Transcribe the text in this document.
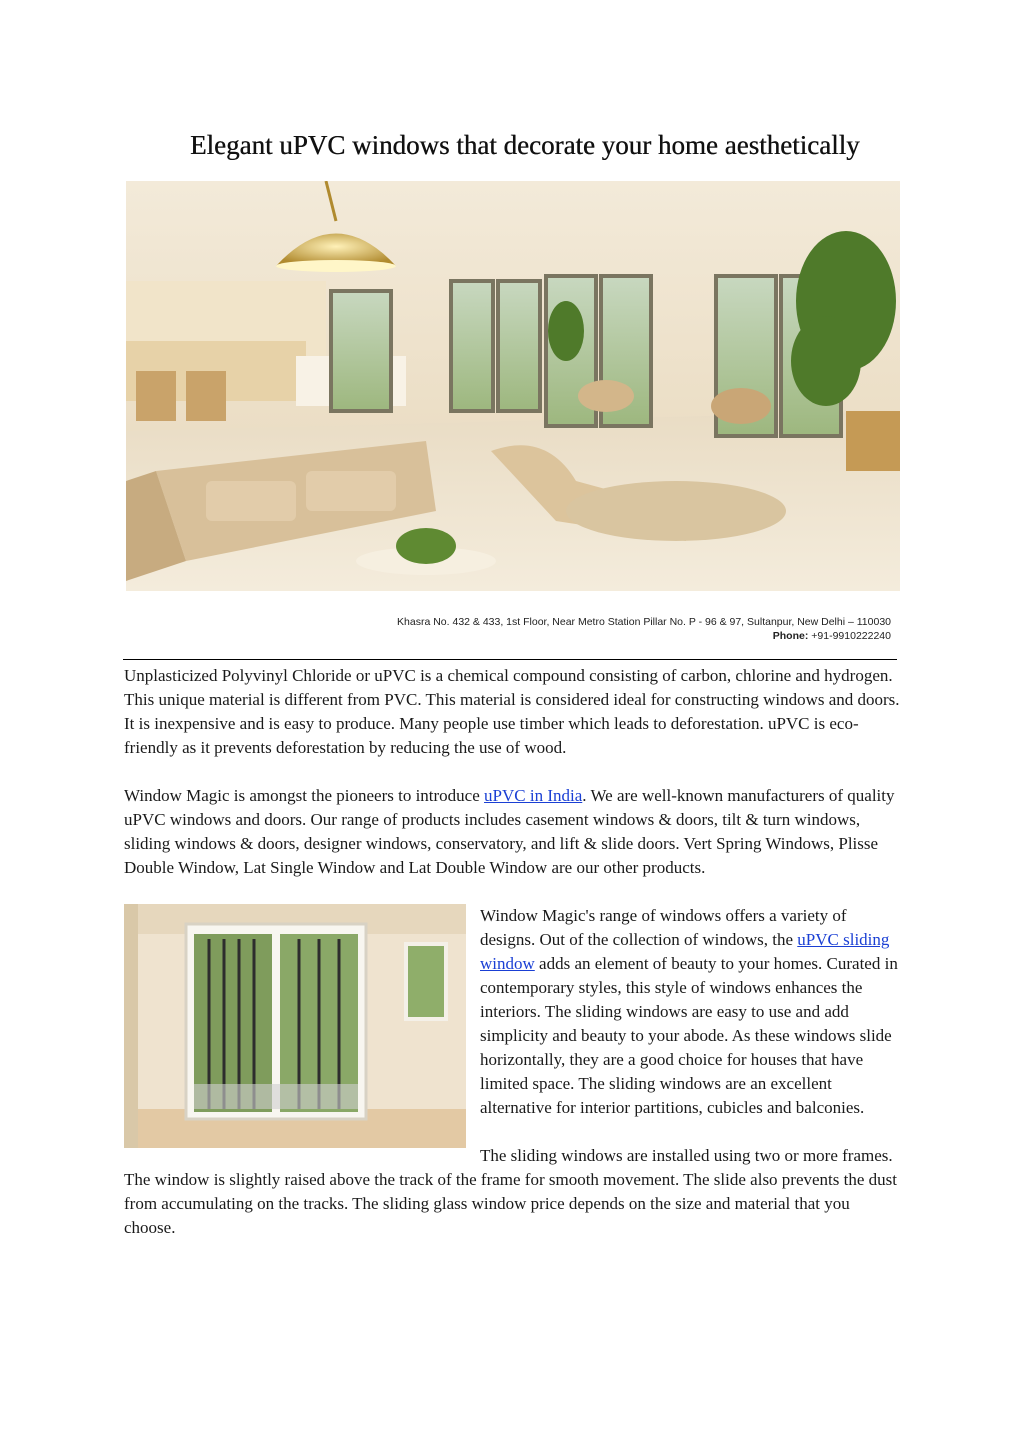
Elegant uPVC windows that decorate your home aesthetically
Khasra No. 432 & 433, 1st Floor, Near Metro Station Pillar No. P - 96 & 97, Sultanpur, New Delhi – 110030
Phone: +91-9910222240

Unplasticized Polyvinyl Chloride or uPVC is a chemical compound consisting of carbon, chlorine and hydrogen. This unique material is different from PVC. This material is considered ideal for constructing windows and doors. It is inexpensive and is easy to produce. Many people use timber which leads to deforestation. uPVC is eco-friendly as it prevents deforestation by reducing the use of wood.

Window Magic is amongst the pioneers to introduce uPVC in India. We are well-known manufacturers of quality uPVC windows and doors. Our range of products includes casement windows & doors, tilt & turn windows, sliding windows & doors, designer windows, conservatory, and lift & slide doors. Vert Spring Windows, Plisse Double Window, Lat Single Window and Lat Double Window are our other products.

Window Magic's range of windows offers a variety of designs. Out of the collection of windows, the uPVC sliding window adds an element of beauty to your homes. Curated in contemporary styles, this style of windows enhances the interiors. The sliding windows are easy to use and add simplicity and beauty to your abode. As these windows slide horizontally, they are a good choice for houses that have limited space. The sliding windows are an excellent alternative for interior partitions, cubicles and balconies.

The sliding windows are installed using two or more frames. The window is slightly raised above the track of the frame for smooth movement. The slide also prevents the dust from accumulating on the tracks. The sliding glass window price depends on the size and material that you choose.
